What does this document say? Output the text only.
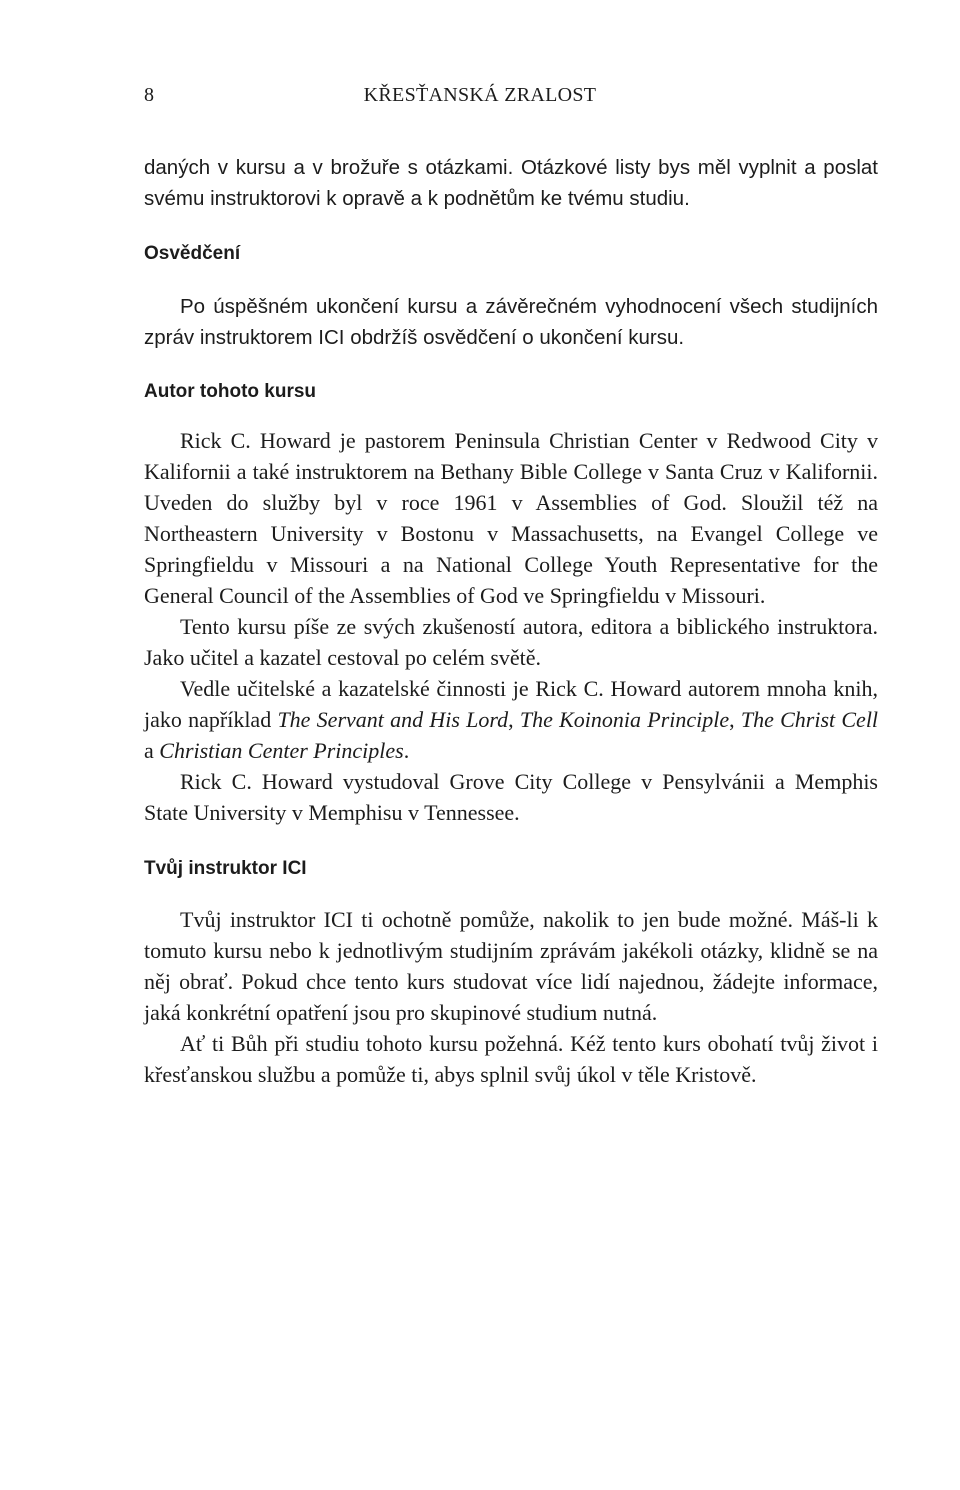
8	KŘESŤANSKÁ ZRALOST

daných v kursu a v brožuře s otázkami. Otázkové listy bys měl vyplnit a poslat svému instruktorovi k opravě a k podnětům ke tvému studiu.

Osvědčení

Po úspěšném ukončení kursu a závěrečném vyhodnocení všech studijních zpráv instruktorem ICI obdržíš osvědčení o ukončení kursu.

Autor tohoto kursu

Rick C. Howard je pastorem Peninsula Christian Center v Redwood City v Kalifornii a také instruktorem na Bethany Bible College v Santa Cruz v Kalifornii. Uveden do služby byl v roce 1961 v Assemblies of God. Sloužil též na Northeastern University v Bostonu v Massachusetts, na Evangel College ve Springfieldu v Missouri a na National College Youth Representative for the General Council of the Assemblies of God ve Springfieldu v Missouri.

Tento kursu píše ze svých zkušeností autora, editora a biblického instruktora. Jako učitel a kazatel cestoval po celém světě.

Vedle učitelské a kazatelské činnosti je Rick C. Howard autorem mnoha knih, jako například The Servant and His Lord, The Koinonia Principle, The Christ Cell a Christian Center Principles.

Rick C. Howard vystudoval Grove City College v Pensylvánii a Memphis State University v Memphisu v Tennessee.

Tvůj instruktor ICI

Tvůj instruktor ICI ti ochotně pomůže, nakolik to jen bude možné. Máš-li k tomuto kursu nebo k jednotlivým studijním zprávám jakékoli otázky, klidně se na něj obrať. Pokud chce tento kurs studovat více lidí najednou, žádejte informace, jaká konkrétní opatření jsou pro skupinové studium nutná.

Ať ti Bůh při studiu tohoto kursu požehná. Kéž tento kurs obohatí tvůj život i křesťanskou službu a pomůže ti, abys splnil svůj úkol v těle Kristově.
